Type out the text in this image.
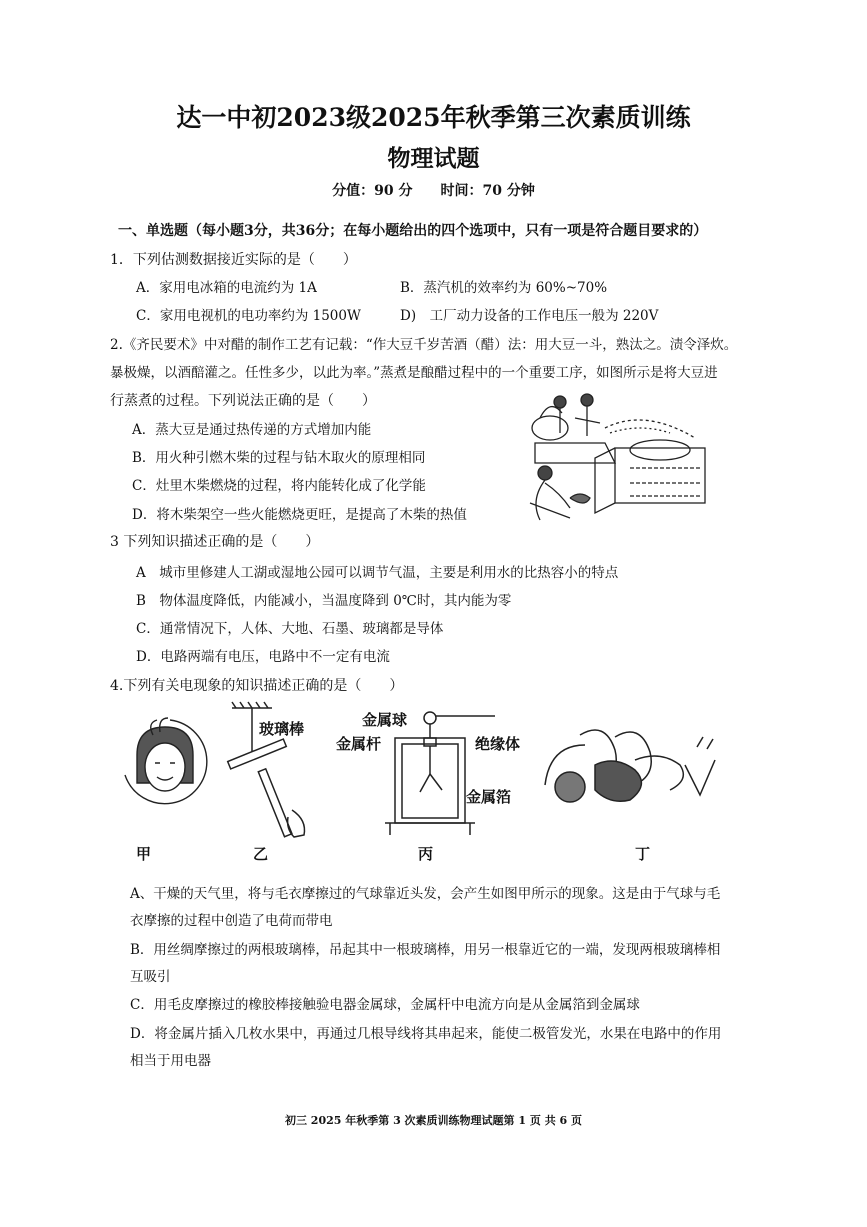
达一中初2023级2025年秋季第三次素质训练
物理试题
分值：90 分　　时间：70 分钟
一、单选题（每小题3分，共36分；在每小题给出的四个选项中，只有一项是符合题目要求的）
1．下列估测数据接近实际的是（　　）
A．家用电冰箱的电流约为 1A	B．蒸汽机的效率约为 60%~70%
C．家用电视机的电功率约为 1500W	D)　工厂动力设备的工作电压一般为 220V
2.《齐民要术》中对醋的制作工艺有记载：“作大豆千岁苦酒（醋）法：用大豆一斗，熟汰之。渍令泽炊。
暴极燥，以酒醅灌之。任性多少，以此为率。”蒸煮是酿醋过程中的一个重要工序，如图所示是将大豆进
行蒸煮的过程。下列说法正确的是（　　）
A．蒸大豆是通过热传递的方式增加内能
B．用火种引燃木柴的过程与钻木取火的原理相同
C．灶里木柴燃烧的过程，将内能转化成了化学能
D．将木柴架空一些火能燃烧更旺，是提高了木柴的热值
3 下列知识描述正确的是（　　）
A　城市里修建人工湖或湿地公园可以调节气温，主要是利用水的比热容小的特点
B　物体温度降低，内能减小，当温度降到 0℃时，其内能为零
C．通常情况下，人体、大地、石墨、玻璃都是导体
D．电路两端有电压，电路中不一定有电流
4.下列有关电现象的知识描述正确的是（　　）
玻璃棒	金属球
金属杆	绝缘体
金属箔
甲	乙	丙	丁
A、干燥的天气里，将与毛衣摩擦过的气球靠近头发，会产生如图甲所示的现象。这是由于气球与毛
衣摩擦的过程中创造了电荷而带电
B．用丝绸摩擦过的两根玻璃棒，吊起其中一根玻璃棒，用另一根靠近它的一端，发现两根玻璃棒相
互吸引
C．用毛皮摩擦过的橡胶棒接触验电器金属球，金属杆中电流方向是从金属箔到金属球
D．将金属片插入几枚水果中，再通过几根导线将其串起来，能使二极管发光，水果在电路中的作用
相当于用电器
初三 2025 年秋季第 3 次素质训练物理试题第 1 页 共 6 页
